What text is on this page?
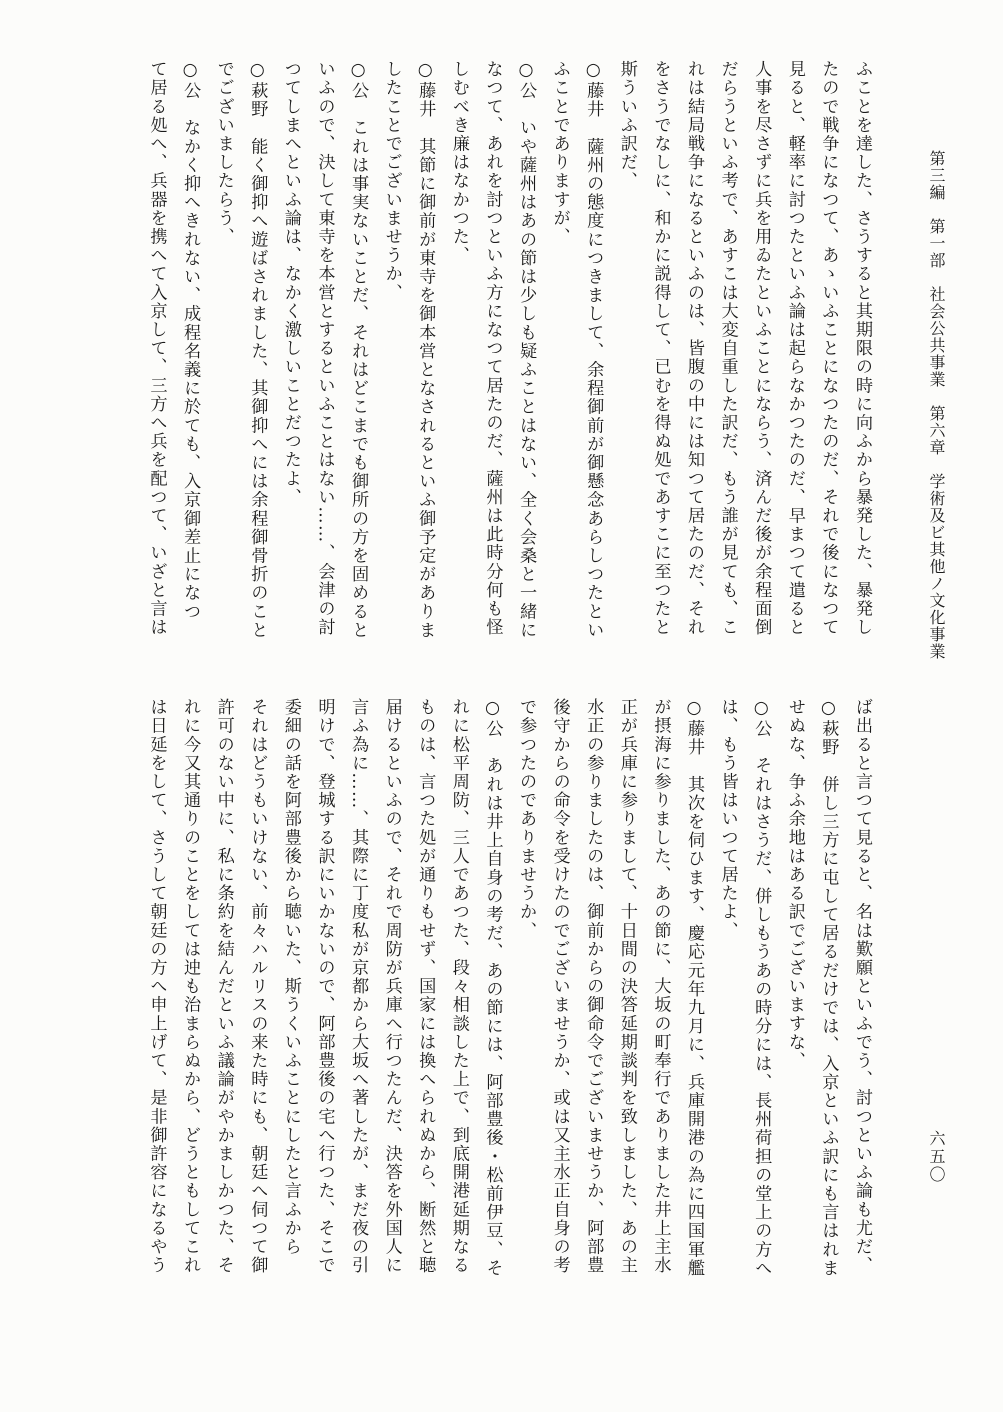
第三編　第一部　社会公共事業　第六章　学術及ビ其他ノ文化事業
六五〇
ふことを達した、さうすると其期限の時に向ふから暴発した、暴発し
たので戦争になつて、あゝいふことになつたのだ、それで後になつて
見ると、軽率に討つたといふ論は起らなかつたのだ、早まつて遣ると
人事を尽さずに兵を用ゐたといふことにならう、済んだ後が余程面倒
だらうといふ考で、あすこは大変自重した訳だ、もう誰が見ても、こ
れは結局戦争になるといふのは、皆腹の中には知つて居たのだ、それ
をさうでなしに、和かに説得して、已むを得ぬ処であすこに至つたと
斯ういふ訳だ、
○藤井　薩州の態度につきまして、余程御前が御懸念あらしつたとい
ふことでありますが、
○公　いや薩州はあの節は少しも疑ふことはない、全く会桑と一緒に
なつて、あれを討つといふ方になつて居たのだ、薩州は此時分何も怪
しむべき廉はなかつた、
○藤井　其節に御前が東寺を御本営となされるといふ御予定がありま
したことでございませうか、
○公　これは事実ないことだ、それはどこまでも御所の方を固めると
いふので、決して東寺を本営とするといふことはない……、会津の討
つてしまへといふ論は、なかく激しいことだつたよ、
○萩野　能く御抑へ遊ばされました、其御抑へには余程御骨折のこと
でございましたらう、
○公　なかく抑へきれない、成程名義に於ても、入京御差止になつ
て居る処へ、兵器を携へて入京して、三方へ兵を配つて、いざと言は
ば出ると言つて見ると、名は歎願といふでう、討つといふ論も尤だ、
○萩野　併し三方に屯して居るだけでは、入京といふ訳にも言はれま
せぬな、争ふ余地はある訳でございますな、
○公　それはさうだ、併しもうあの時分には、長州荷担の堂上の方へ
は、もう皆はいつて居たよ、
○藤井　其次を伺ひます、慶応元年九月に、兵庫開港の為に四国軍艦
が摂海に参りました、あの節に、大坂の町奉行でありました井上主水
正が兵庫に参りまして、十日間の決答延期談判を致しました、あの主
水正の参りましたのは、御前からの御命令でございませうか、阿部豊
後守からの命令を受けたのでございませうか、或は又主水正自身の考
で参つたのでありませうか、
○公　あれは井上自身の考だ、あの節には、阿部豊後・松前伊豆、そ
れに松平周防、三人であつた、段々相談した上で、到底開港延期なる
ものは、言つた処が通りもせず、国家には換へられぬから、断然と聴
届けるといふので、それで周防が兵庫へ行つたんだ、決答を外国人に
言ふ為に……、其際に丁度私が京都から大坂へ著したが、まだ夜の引
明けで、登城する訳にいかないので、阿部豊後の宅へ行つた、そこで
委細の話を阿部豊後から聴いた、斯うくいふことにしたと言ふから
それはどうもいけない、前々ハルリスの来た時にも、朝廷へ伺つて御
許可のない中に、私に条約を結んだといふ議論がやかましかつた、そ
れに今又其通りのことをしては迚も治まらぬから、どうともしてこれ
は日延をして、さうして朝廷の方へ申上げて、是非御許容になるやう
